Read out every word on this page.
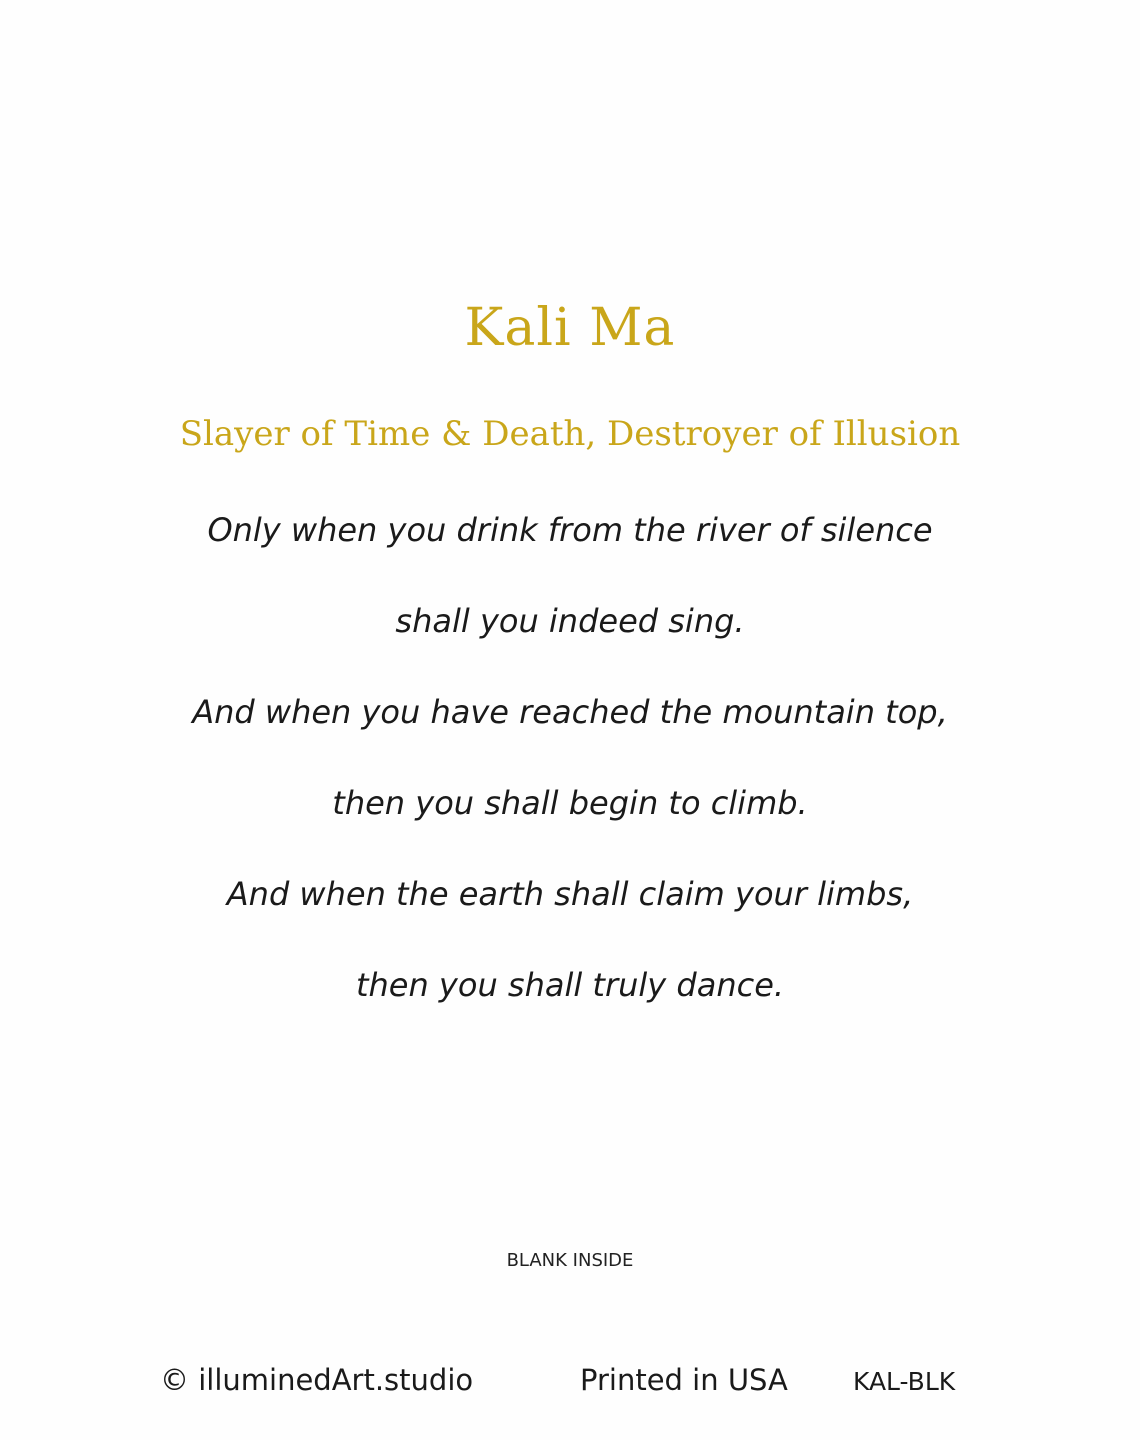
Kali Ma
Slayer of Time & Death, Destroyer of Illusion
Only when you drink from the river of silence
shall you indeed sing.
And when you have reached the mountain top,
then you shall begin to climb.
And when the earth shall claim your limbs,
then you shall truly dance.
BLANK INSIDE
© illuminedArt.studio	Printed in USA	KAL-BLK
